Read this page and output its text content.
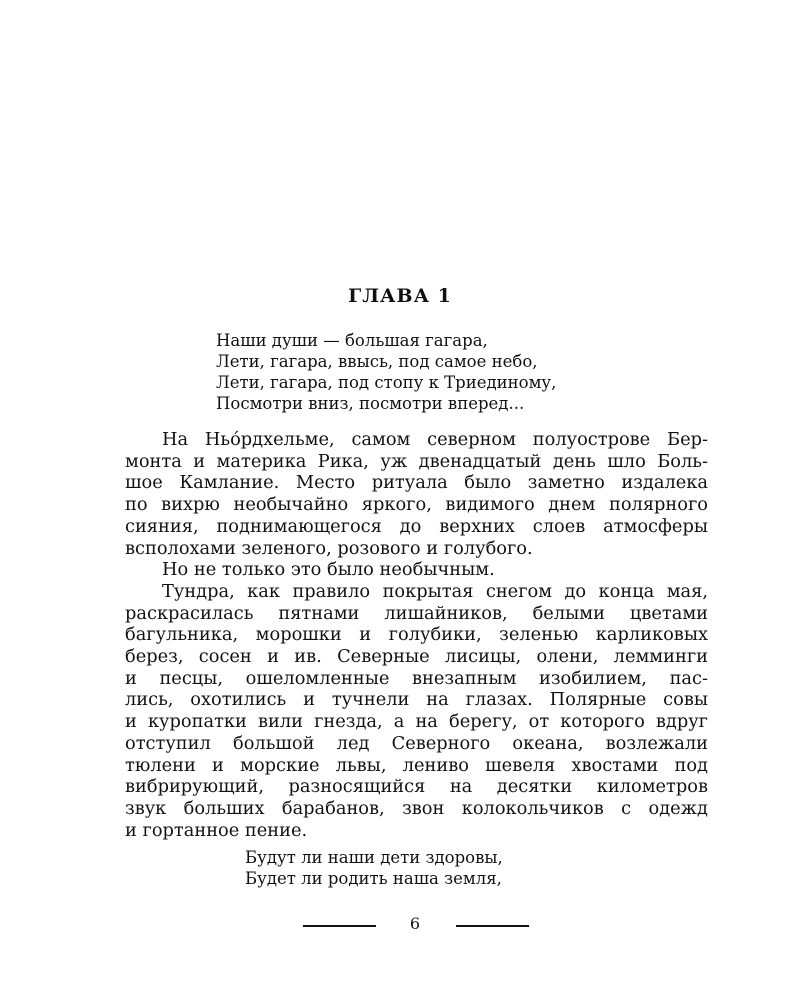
ГЛАВА 1
Наши души — большая гагара,
Лети, гагара, ввысь, под самое небо,
Лети, гагара, под стопу к Триединому,
Посмотри вниз, посмотри вперед...
На Ньóрдхельме, самом северном полуострове Бер-
монта и материка Рика, уж двенадцатый день шло Боль-
шое Камлание. Место ритуала было заметно издалека
по вихрю необычайно яркого, видимого днем полярного
сияния, поднимающегося до верхних слоев атмосферы
всполохами зеленого, розового и голубого.
Но не только это было необычным.
Тундра, как правило покрытая снегом до конца мая,
раскрасилась пятнами лишайников, белыми цветами
багульника, морошки и голубики, зеленью карликовых
берез, сосен и ив. Северные лисицы, олени, лемминги
и песцы, ошеломленные внезапным изобилием, пас-
лись, охотились и тучнели на глазах. Полярные совы
и куропатки вили гнезда, а на берегу, от которого вдруг
отступил большой лед Северного океана, возлежали
тюлени и морские львы, лениво шевеля хвостами под
вибрирующий, разносящийся на десятки километров
звук больших барабанов, звон колокольчиков с одежд
и гортанное пение.
Будут ли наши дети здоровы,
Будет ли родить наша земля,
6
